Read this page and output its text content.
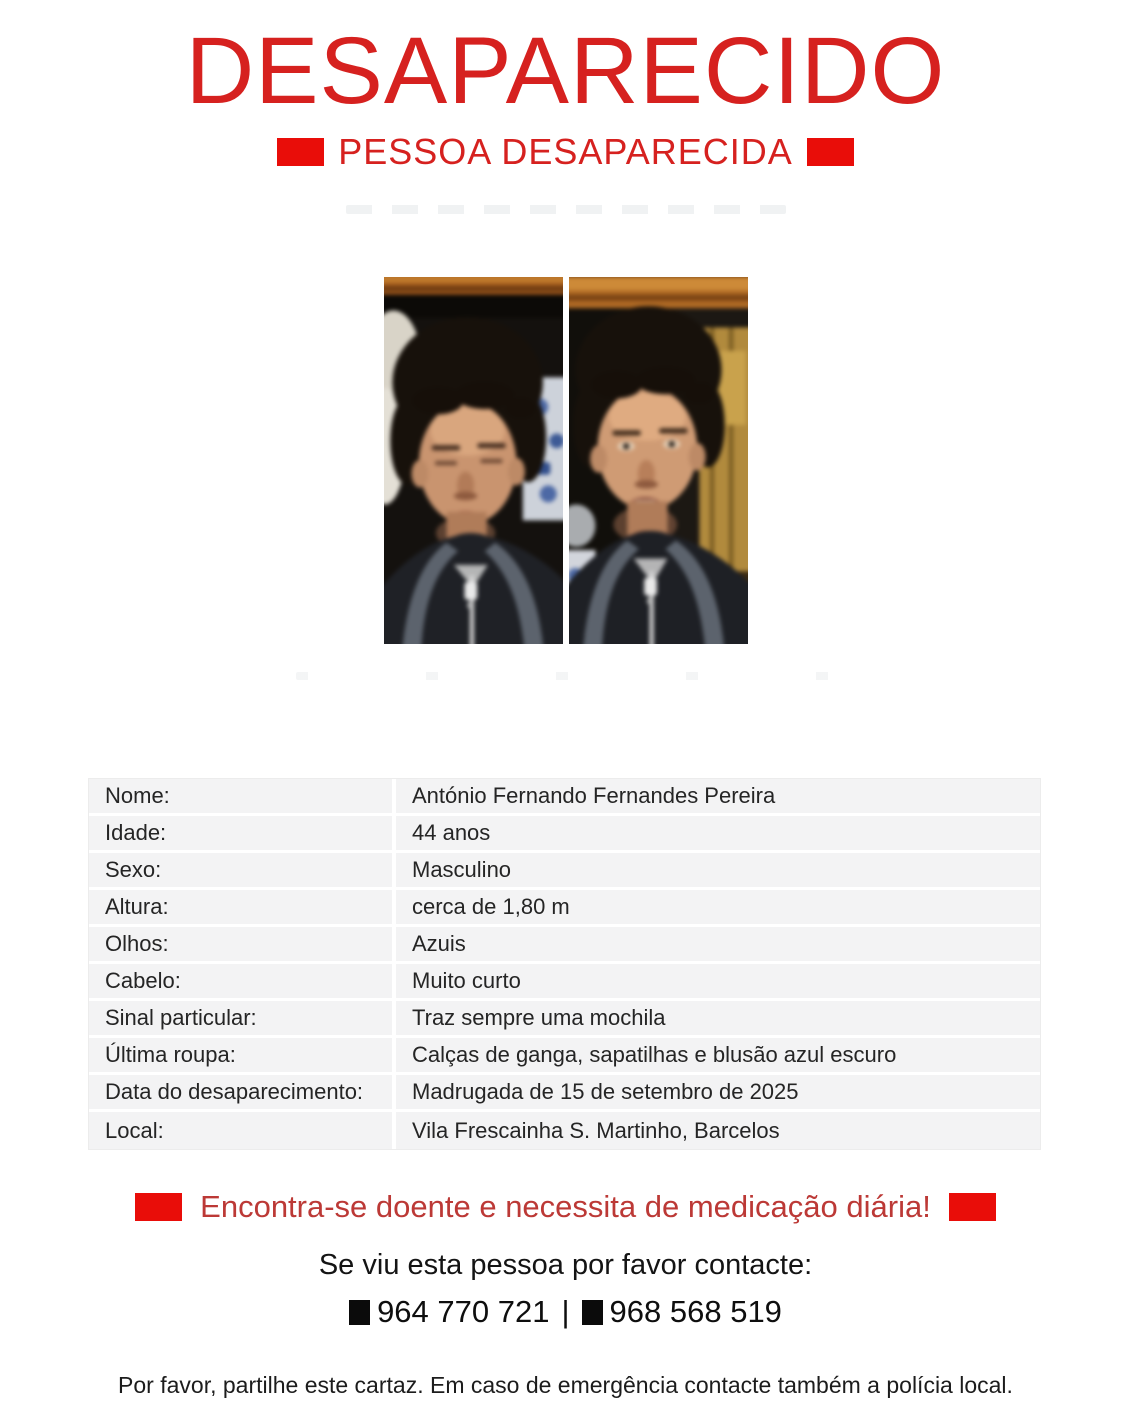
DESAPARECIDO
PESSOA DESAPARECIDA
Nome:	António Fernando Fernandes Pereira
Idade:	44 anos
Sexo:	Masculino
Altura:	cerca de 1,80 m
Olhos:	Azuis
Cabelo:	Muito curto
Sinal particular:	Traz sempre uma mochila
Última roupa:	Calças de ganga, sapatilhas e blusão azul escuro
Data do desaparecimento:	Madrugada de 15 de setembro de 2025
Local:	Vila Frescainha S. Martinho, Barcelos
Encontra-se doente e necessita de medicação diária!
Se viu esta pessoa por favor contacte:
964 770 721 | 968 568 519
Por favor, partilhe este cartaz. Em caso de emergência contacte também a polícia local.
